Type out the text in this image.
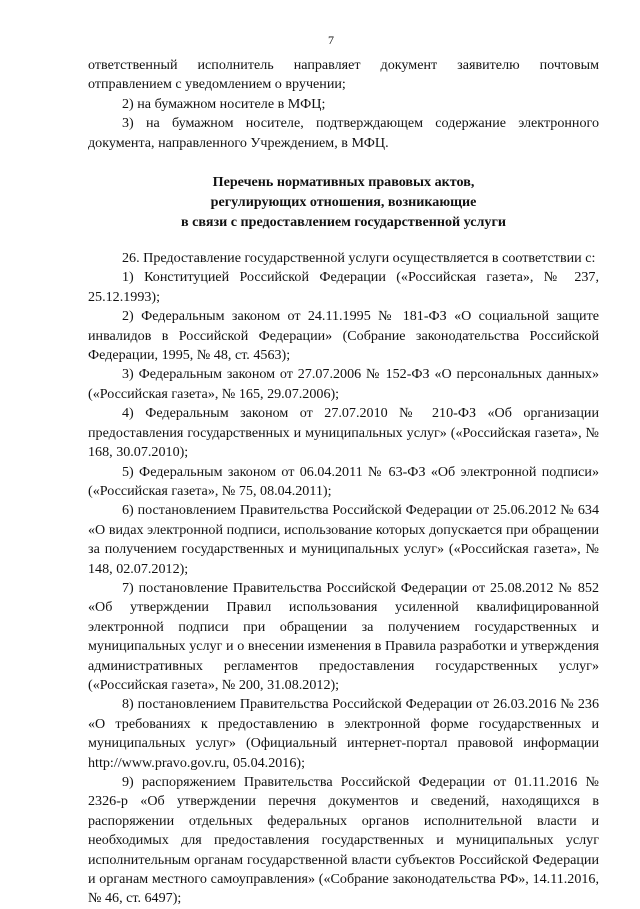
7

ответственный исполнитель направляет документ заявителю почтовым отправлением с уведомлением о вручении;

2) на бумажном носителе в МФЦ;

3) на бумажном носителе, подтверждающем содержание электронного документа, направленного Учреждением, в МФЦ.

Перечень нормативных правовых актов,
регулирующих отношения, возникающие
в связи с предоставлением государственной услуги

26. Предоставление государственной услуги осуществляется в соответствии с:

1) Конституцией Российской Федерации («Российская газета», № 237, 25.12.1993);

2) Федеральным законом от 24.11.1995 № 181-ФЗ «О социальной защите инвалидов в Российской Федерации» (Собрание законодательства Российской Федерации, 1995, № 48, ст. 4563);

3) Федеральным законом от 27.07.2006 № 152-ФЗ «О персональных данных» («Российская газета», № 165, 29.07.2006);

4) Федеральным законом от 27.07.2010 № 210-ФЗ «Об организации предоставления государственных и муниципальных услуг» («Российская газета», № 168, 30.07.2010);

5) Федеральным законом от 06.04.2011 № 63-ФЗ «Об электронной подписи» («Российская газета», № 75, 08.04.2011);

6) постановлением Правительства Российской Федерации от 25.06.2012 № 634 «О видах электронной подписи, использование которых допускается при обращении за получением государственных и муниципальных услуг» («Российская газета», № 148, 02.07.2012);

7) постановление Правительства Российской Федерации от 25.08.2012 № 852 «Об утверждении Правил использования усиленной квалифицированной электронной подписи при обращении за получением государственных и муниципальных услуг и о внесении изменения в Правила разработки и утверждения административных регламентов предоставления государственных услуг» («Российская газета», № 200, 31.08.2012);

8) постановлением Правительства Российской Федерации от 26.03.2016 № 236 «О требованиях к предоставлению в электронной форме государственных и муниципальных услуг» (Официальный интернет-портал правовой информации http://www.pravo.gov.ru, 05.04.2016);

9) распоряжением Правительства Российской Федерации от 01.11.2016 № 2326-р «Об утверждении перечня документов и сведений, находящихся в распоряжении отдельных федеральных органов исполнительной власти и необходимых для предоставления государственных и муниципальных услуг исполнительным органам государственной власти субъектов Российской Федерации и органам местного самоуправления» («Собрание законодательства РФ», 14.11.2016, № 46, ст. 6497);
